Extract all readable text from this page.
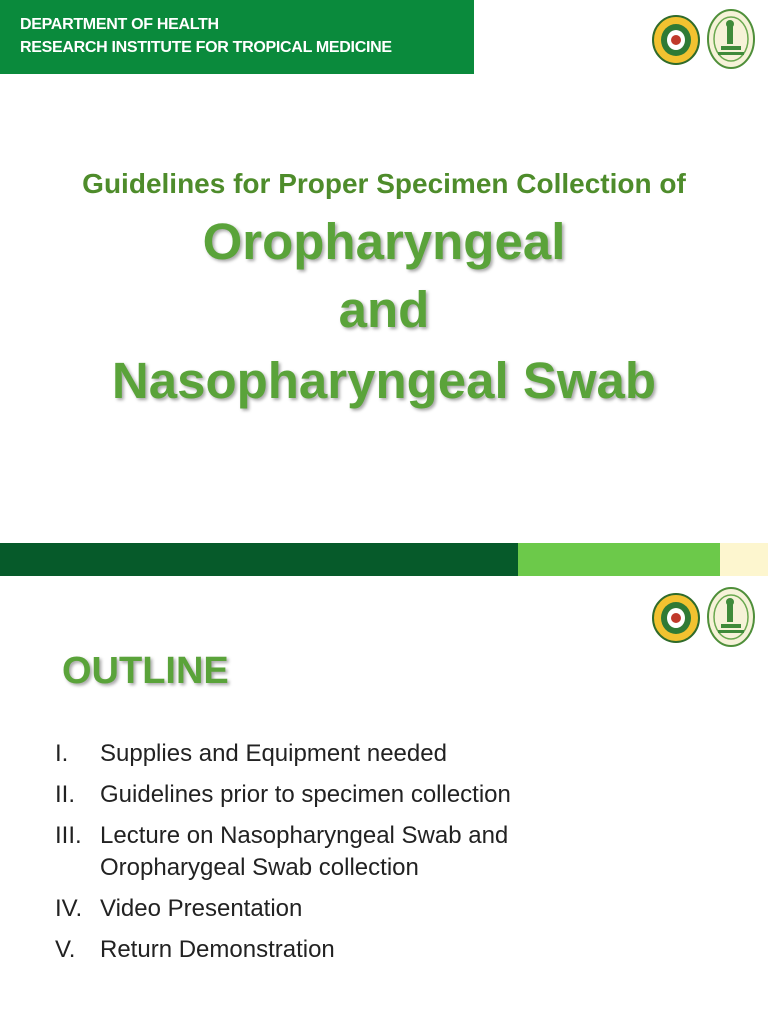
DEPARTMENT OF HEALTH
RESEARCH INSTITUTE FOR TROPICAL MEDICINE
Guidelines for Proper Specimen Collection of
Oropharyngeal
and
Nasopharyngeal Swab
OUTLINE
I.	Supplies and Equipment needed
II.	Guidelines prior to specimen collection
III. Lecture on Nasopharyngeal Swab and
Oropharygeal Swab collection
IV. Video Presentation
V.	Return Demonstration
